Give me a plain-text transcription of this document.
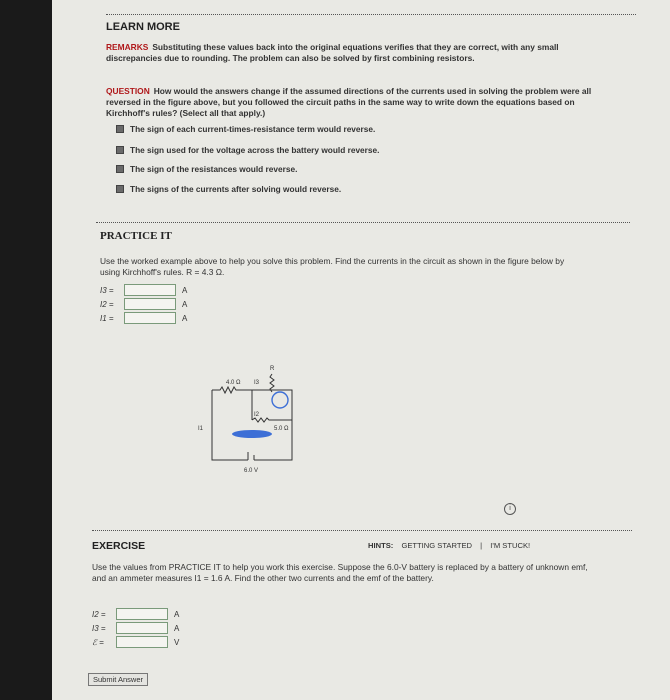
LEARN MORE
REMARKS Substituting these values back into the original equations verifies that they are correct, with any small discrepancies due to rounding. The problem can also be solved by first combining resistors.
QUESTION How would the answers change if the assumed directions of the currents used in solving the problem were all reversed in the figure above, but you followed the circuit paths in the same way to write down the equations based on Kirchhoff's rules? (Select all that apply.)
The sign of each current-times-resistance term would reverse.
The sign used for the voltage across the battery would reverse.
The sign of the resistances would reverse.
The signs of the currents after solving would reverse.
PRACTICE IT
Use the worked example above to help you solve this problem. Find the currents in the circuit as shown in the figure below by using Kirchhoff's rules. R = 4.3 Ω.
I3 =	A
I2 =	A
I1 =	A
R
4.0 Ω
5.0 Ω
6.0 V
I1
I3
I2
i
EXERCISE	HINTS: GETTING STARTED | I'M STUCK!
Use the values from PRACTICE IT to help you work this exercise. Suppose the 6.0-V battery is replaced by a battery of unknown emf, and an ammeter measures I1 = 1.6 A. Find the other two currents and the emf of the battery.
I2 =	A
I3 =	A
ℰ =	V
Submit Answer
